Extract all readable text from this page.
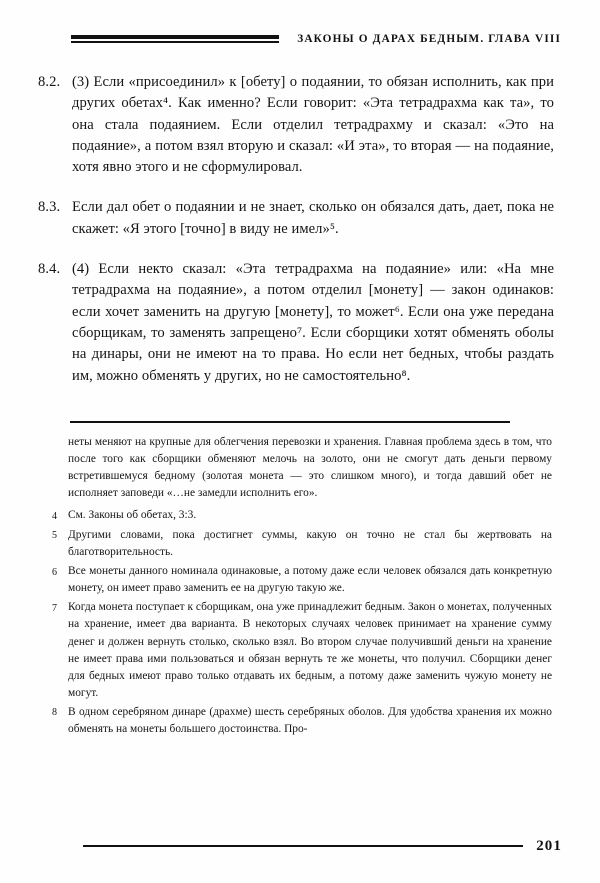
ЗАКОНЫ О ДАРАХ БЕДНЫМ. ГЛАВА VIII
8.2. (3) Если «присоединил» к [обету] о подаянии, то обязан исполнить, как при других обетах⁴. Как именно? Если говорит: «Эта тетрадрахма как та», то она стала подаянием. Если отделил тетрадрахму и сказал: «Это на подаяние», а потом взял вторую и сказал: «И эта», то вторая — на подаяние, хотя явно этого и не сформулировал.
8.3. Если дал обет о подаянии и не знает, сколько он обязался дать, дает, пока не скажет: «Я этого [точно] в виду не имел»⁵.
8.4. (4) Если некто сказал: «Эта тетрадрахма на подаяние» или: «На мне тетрадрахма на подаяние», а потом отделил [монету] — закон одинаков: если хочет заменить на другую [монету], то может⁶. Если она уже передана сборщикам, то заменять запрещено⁷. Если сборщики хотят обменять оболы на динары, они не имеют на то права. Но если нет бедных, чтобы раздать им, можно обменять у других, но не самостоятельно⁸.
неты меняют на крупные для облегчения перевозки и хранения. Главная проблема здесь в том, что после того как сборщики обменяют мелочь на золото, они не смогут дать деньги первому встретившемуся бедному (золотая монета — это слишком много), и тогда давший обет не исполняет заповеди «…не замедли исполнить его».
4 См. Законы об обетах, 3:3.
5 Другими словами, пока достигнет суммы, какую он точно не стал бы жертвовать на благотворительность.
6 Все монеты данного номинала одинаковые, а потому даже если человек обязался дать конкретную монету, он имеет право заменить ее на другую такую же.
7 Когда монета поступает к сборщикам, она уже принадлежит бедным. Закон о монетах, полученных на хранение, имеет два варианта. В некоторых случаях человек принимает на хранение сумму денег и должен вернуть столько, сколько взял. Во втором случае получивший деньги на хранение не имеет права ими пользоваться и обязан вернуть те же монеты, что получил. Сборщики денег для бедных имеют право только отдавать их бедным, а потому даже заменить чужую монету не могут.
8 В одном серебряном динаре (драхме) шесть серебряных оболов. Для удобства хранения их можно обменять на монеты большего достоинства. Про-
201
